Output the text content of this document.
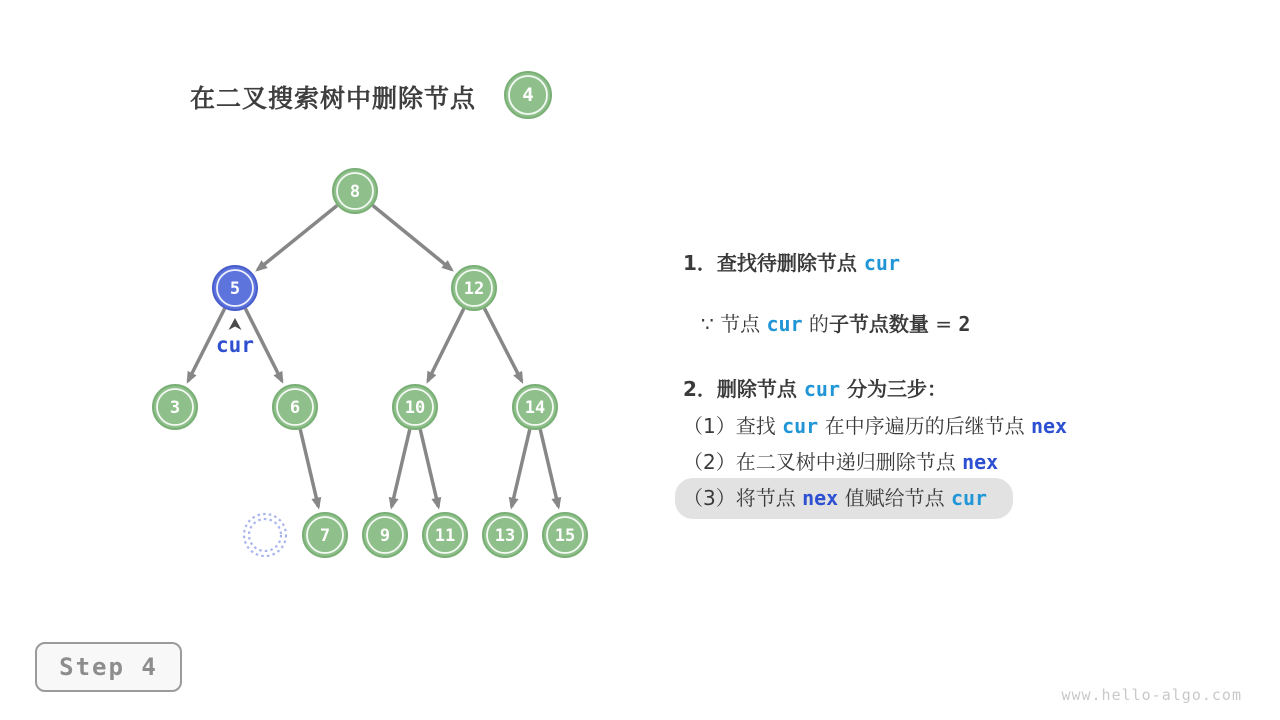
在二叉搜索树中删除节点
8
5	12
3	6	10	14
7	9	11 13 15
4
cur
1．查找待删除节点 cur
∵ 节点 cur 的子节点数量 = 2
2．删除节点 cur 分为三步：
（1）查找 cur 在中序遍历的后继节点 nex
（2）在二叉树中递归删除节点 nex
（3）将节点 nex 值赋给节点 cur
Step 4
www.hello-algo.com
